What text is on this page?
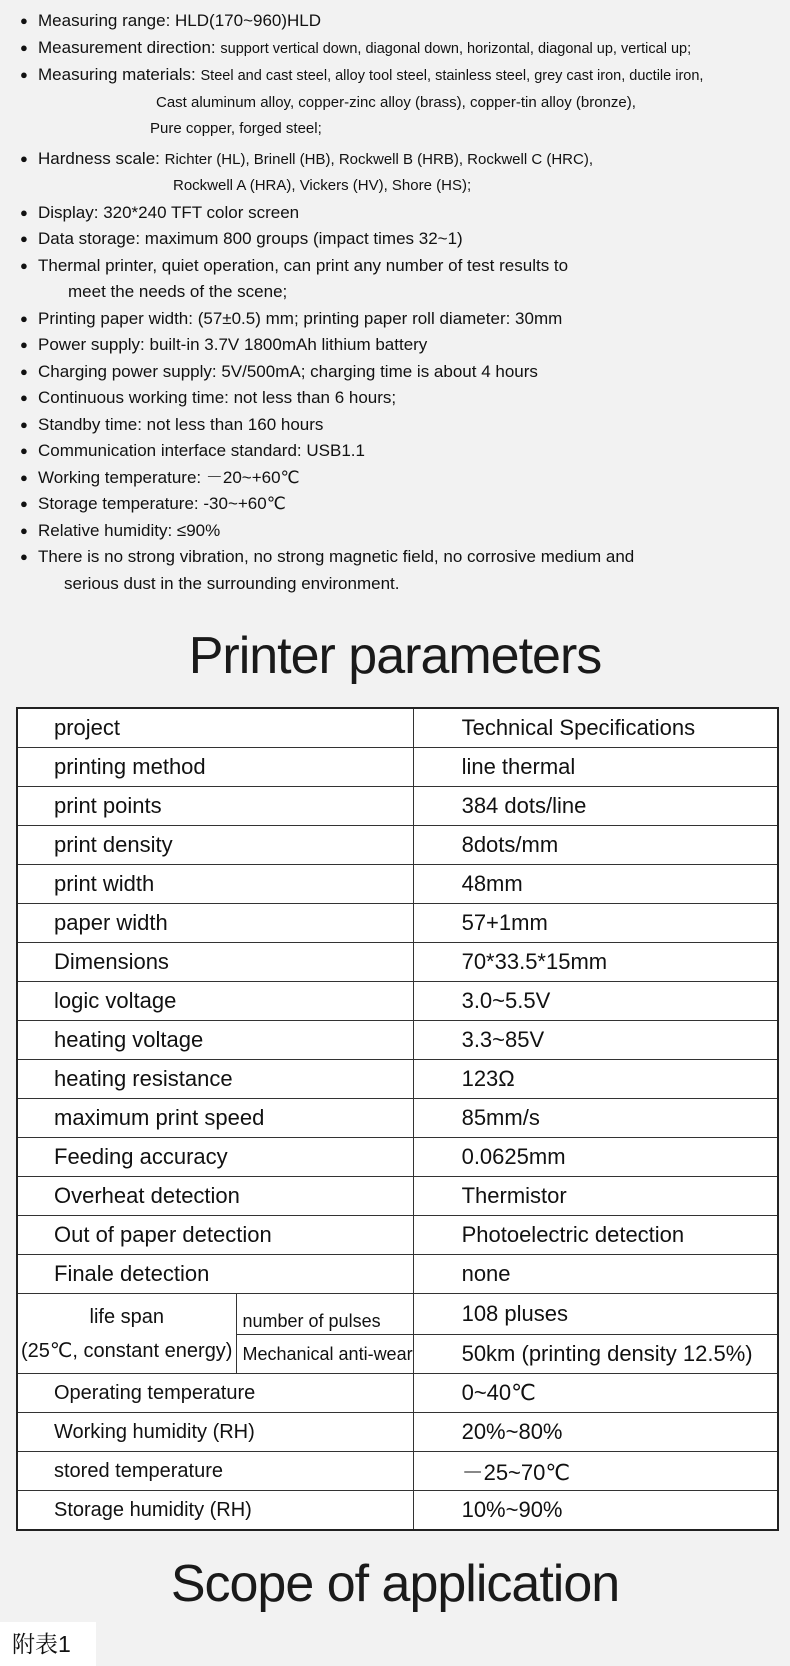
● Measuring range: HLD(170~960)HLD
● Measurement direction: support vertical down, diagonal down, horizontal, diagonal up, vertical up;
● Measuring materials: Steel and cast steel, alloy tool steel, stainless steel, grey cast iron, ductile iron,
Cast aluminum alloy, copper-zinc alloy (brass), copper-tin alloy (bronze),
Pure copper, forged steel;
● Hardness scale: Richter (HL), Brinell (HB), Rockwell B (HRB), Rockwell C (HRC),
Rockwell A (HRA), Vickers (HV), Shore (HS);
● Display: 320*240 TFT color screen
● Data storage: maximum 800 groups (impact times 32~1)
● Thermal printer, quiet operation, can print any number of test results to
meet the needs of the scene;
● Printing paper width: (57±0.5) mm; printing paper roll diameter: 30mm
● Power supply: built-in 3.7V 1800mAh lithium battery
● Charging power supply: 5V/500mA; charging time is about 4 hours
● Continuous working time: not less than 6 hours;
● Standby time: not less than 160 hours
● Communication interface standard: USB1.1
● Working temperature: －20~+60℃
● Storage temperature: -30~+60℃
● Relative humidity: ≤90%
● There is no strong vibration, no strong magnetic field, no corrosive medium and
serious dust in the surrounding environment.
Printer parameters
project		Technical Specifications
printing method		line thermal
print points		384 dots/line
print density		8dots/mm
print width		48mm
paper width		57+1mm
Dimensions		70*33.5*15mm
logic voltage		3.0~5.5V
heating voltage		3.3~85V
heating resistance		123Ω
maximum print speed		85mm/s
Feeding accuracy		0.0625mm
Overheat detection		Thermistor
Out of paper detection		Photoelectric detection
Finale detection		none
life span
(25℃, constant energy)	number of pulses	108 pluses
	Mechanical anti-wear	50km (printing density 12.5%)
Operating temperature		0~40℃
Working humidity (RH)		20%~80%
stored temperature		－25~70℃
Storage humidity (RH)		10%~90%
Scope of application
附表1
